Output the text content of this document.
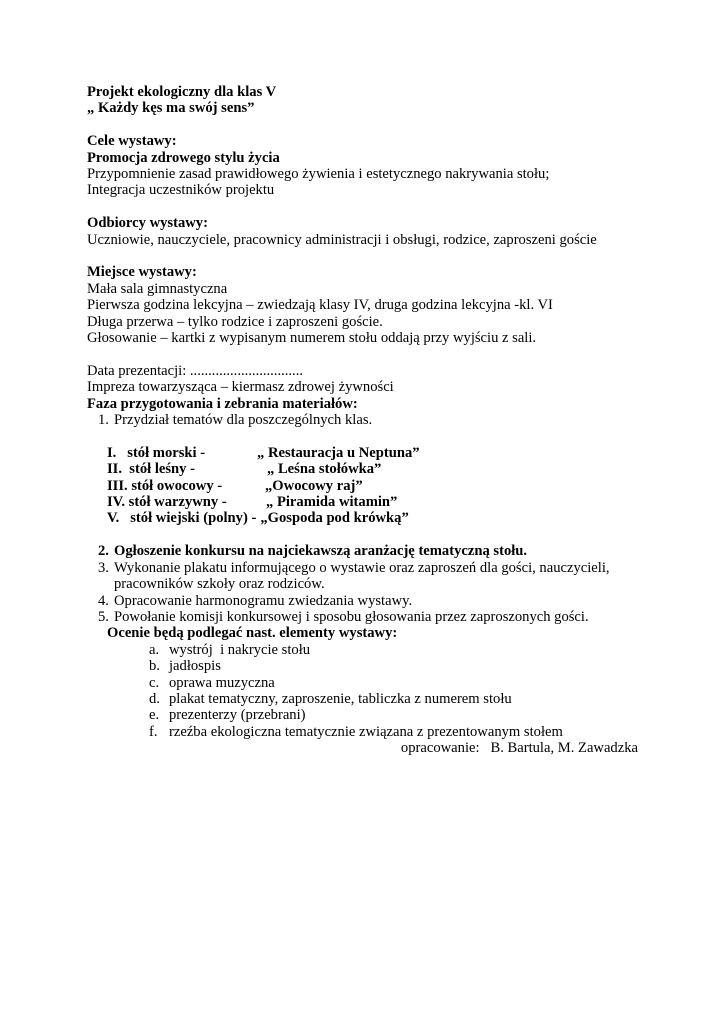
Projekt ekologiczny dla klas V
„ Każdy kęs ma swój sens”
Cele wystawy:
Promocja zdrowego stylu życia
Przypomnienie zasad prawidłowego żywienia i estetycznego nakrywania stołu;
Integracja uczestników projektu
Odbiorcy wystawy:
Uczniowie, nauczyciele, pracownicy administracji i obsługi, rodzice, zaproszeni goście
Miejsce wystawy:
Mała sala gimnastyczna
Pierwsza godzina lekcyjna – zwiedzają klasy IV, druga godzina lekcyjna -kl. VI
Długa przerwa – tylko rodzice i zaproszeni goście.
Głosowanie – kartki z wypisanym numerem stołu oddają przy wyjściu z sali.
Data prezentacji: ...............................
Impreza towarzysząca – kiermasz zdrowej żywności
Faza przygotowania i zebrania materiałów:
1. Przydział tematów dla poszczególnych klas.
I.   stół morski -	„ Restauracja u Neptuna”
II.  stół leśny -	„ Leśna stołówka”
III. stół owocowy -	„Owocowy raj”
IV. stół warzywny -	„ Piramida witamin”
V.   stół wiejski (polny) - „Gospoda pod krówką”
2. Ogłoszenie konkursu na najciekawszą aranżację tematyczną stołu.
3. Wykonanie plakatu informującego o wystawie oraz zaproszeń dla gości, nauczycieli, pracowników szkoły oraz rodziców.
4. Opracowanie harmonogramu zwiedzania wystawy.
5. Powołanie komisji konkursowej i sposobu głosowania przez zaproszonych gości.
Ocenie będą podlegać nast. elementy wystawy:
a. wystrój  i nakrycie stołu
b. jadłospis
c. oprawa muzyczna
d. plakat tematyczny, zaproszenie, tabliczka z numerem stołu
e. prezenterzy (przebrani)
f. rzeźba ekologiczna tematycznie związana z prezentowanym stołem
opracowanie:   B. Bartula, M. Zawadzka
